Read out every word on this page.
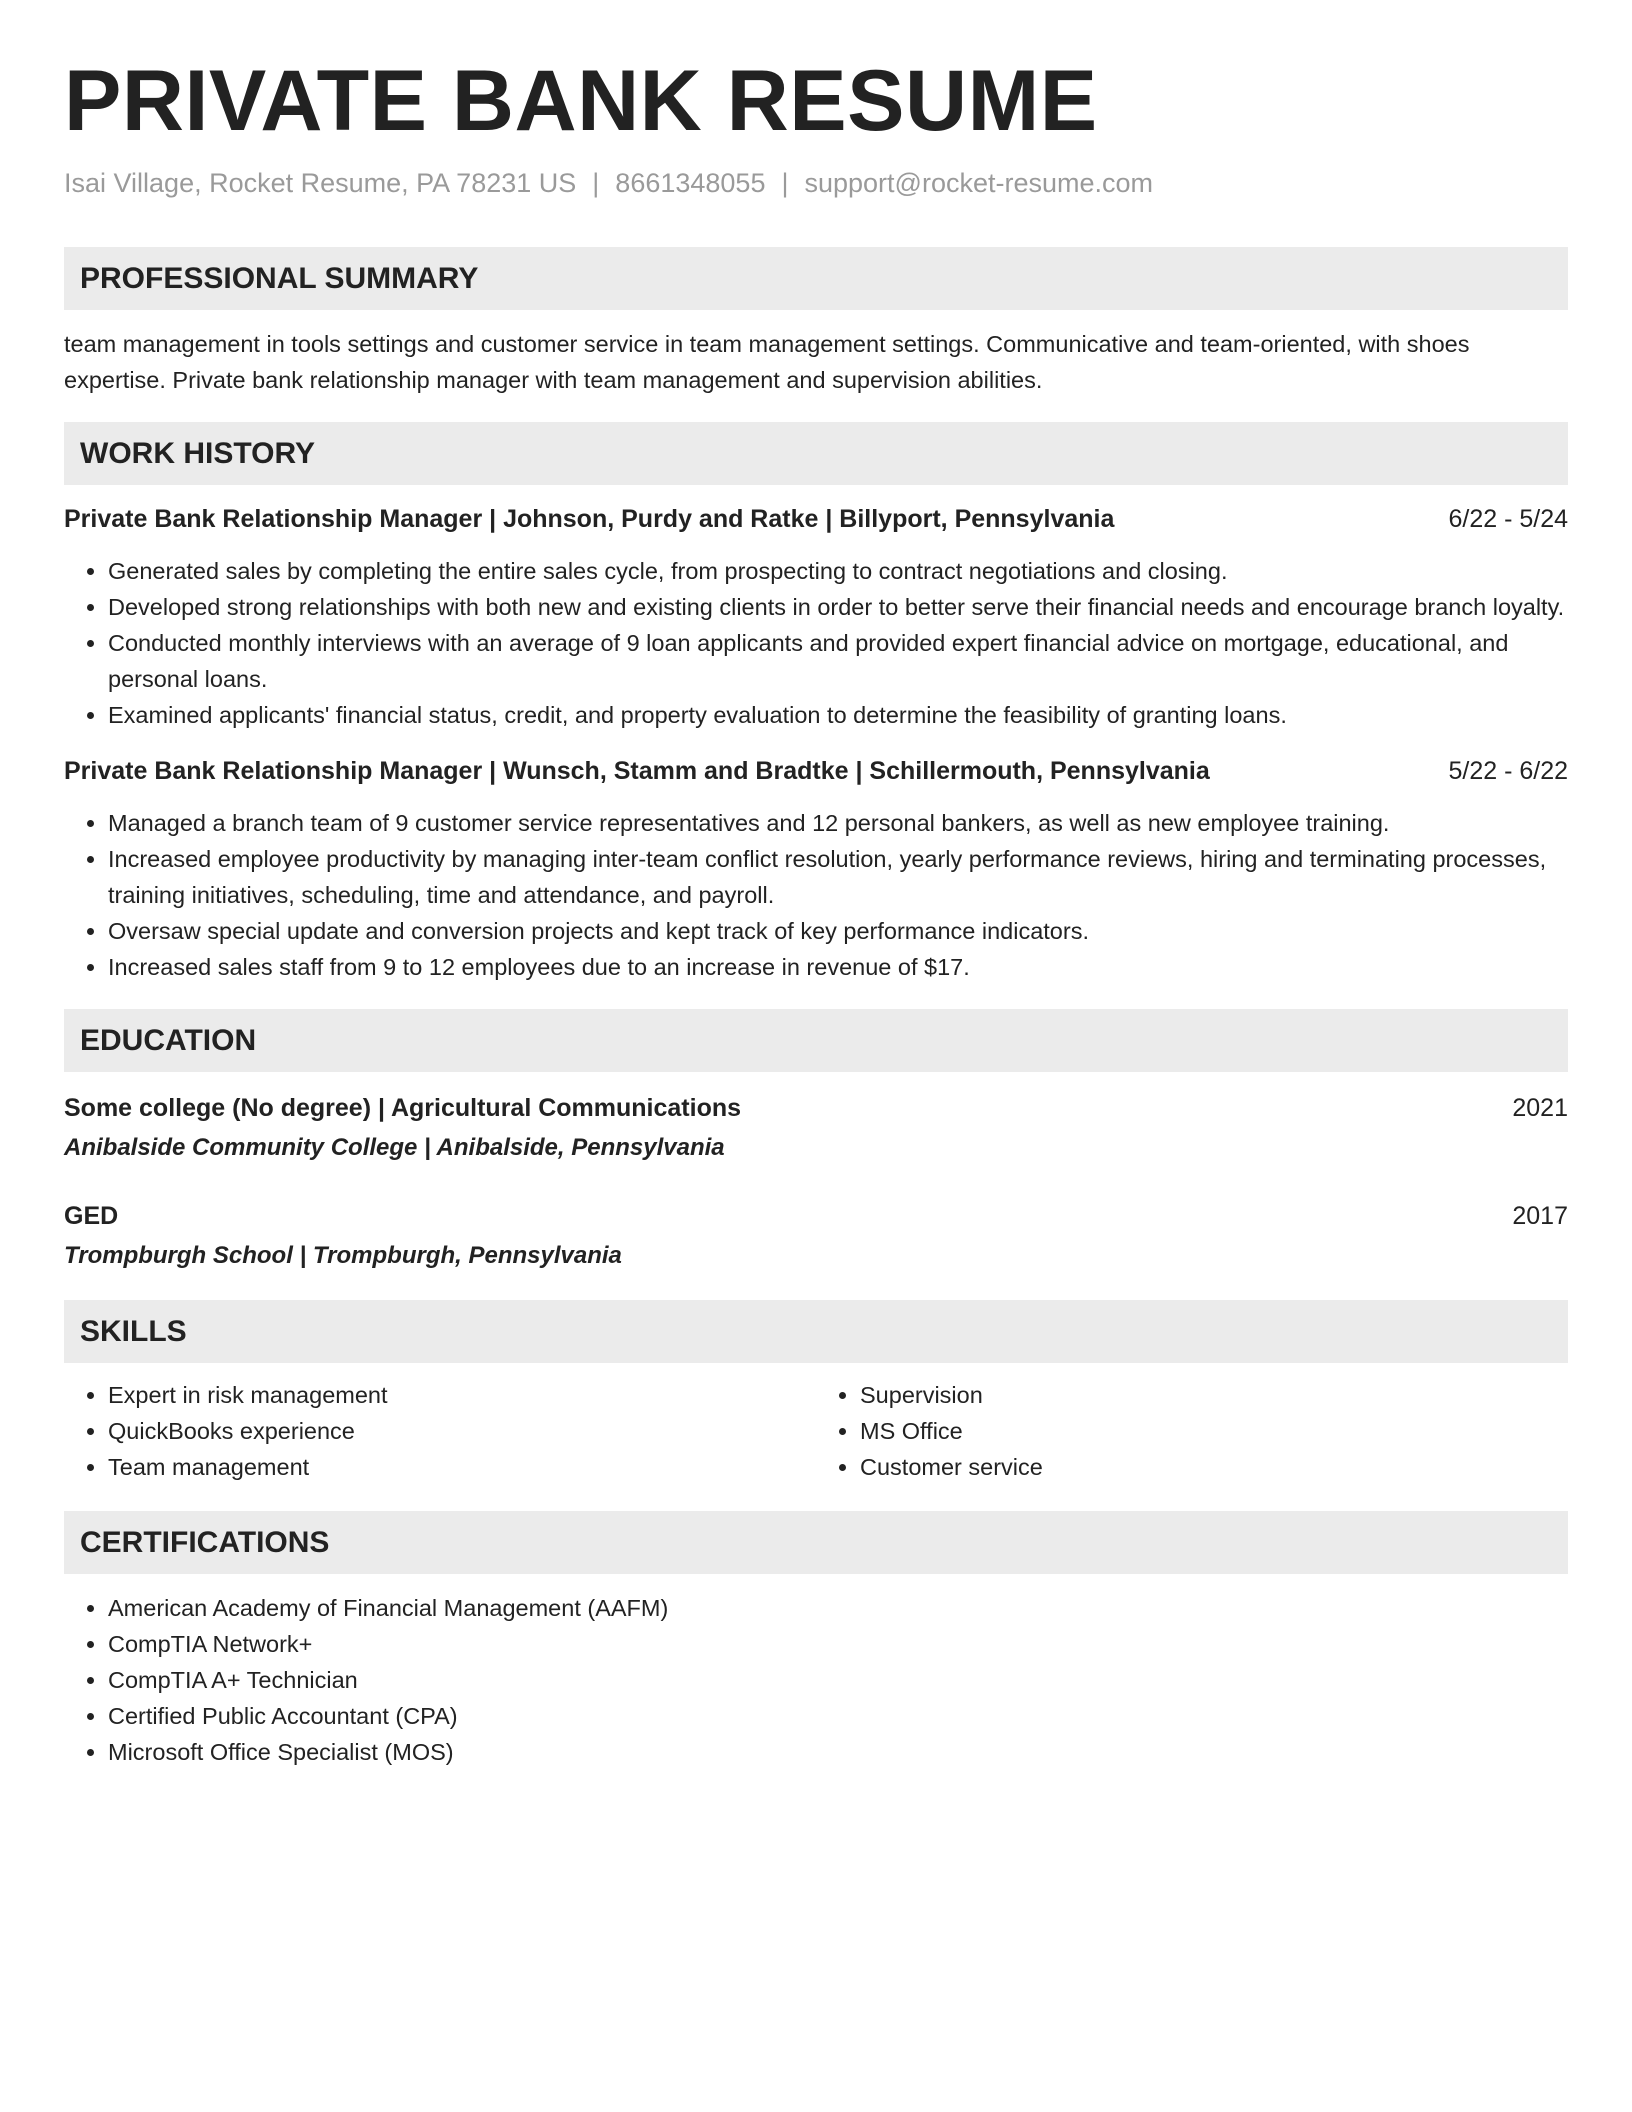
PRIVATE BANK RESUME
Isai Village, Rocket Resume, PA 78231 US | 8661348055 | support@rocket-resume.com
PROFESSIONAL SUMMARY

team management in tools settings and customer service in team management settings. Communicative and team-oriented, with shoes expertise. Private bank relationship manager with team management and supervision abilities.

WORK HISTORY
Private Bank Relationship Manager | Johnson, Purdy and Ratke | Billyport, Pennsylvania	6/22 - 5/24
• Generated sales by completing the entire sales cycle, from prospecting to contract negotiations and closing.
• Developed strong relationships with both new and existing clients in order to better serve their financial needs and encourage branch loyalty.
• Conducted monthly interviews with an average of 9 loan applicants and provided expert financial advice on mortgage, educational, and personal loans.
• Examined applicants' financial status, credit, and property evaluation to determine the feasibility of granting loans.
Private Bank Relationship Manager | Wunsch, Stamm and Bradtke | Schillermouth, Pennsylvania	5/22 - 6/22
• Managed a branch team of 9 customer service representatives and 12 personal bankers, as well as new employee training.
• Increased employee productivity by managing inter-team conflict resolution, yearly performance reviews, hiring and terminating processes, training initiatives, scheduling, time and attendance, and payroll.
• Oversaw special update and conversion projects and kept track of key performance indicators.
• Increased sales staff from 9 to 12 employees due to an increase in revenue of $17.
EDUCATION
Some college (No degree) | Agricultural Communications	2021
Anibalside Community College | Anibalside, Pennsylvania
GED	2017
Trompburgh School | Trompburgh, Pennsylvania
SKILLS
• Expert in risk management
• QuickBooks experience
• Team management
• Supervision
• MS Office
• Customer service
CERTIFICATIONS
• American Academy of Financial Management (AAFM)
• CompTIA Network+
• CompTIA A+ Technician
• Certified Public Accountant (CPA)
• Microsoft Office Specialist (MOS)
